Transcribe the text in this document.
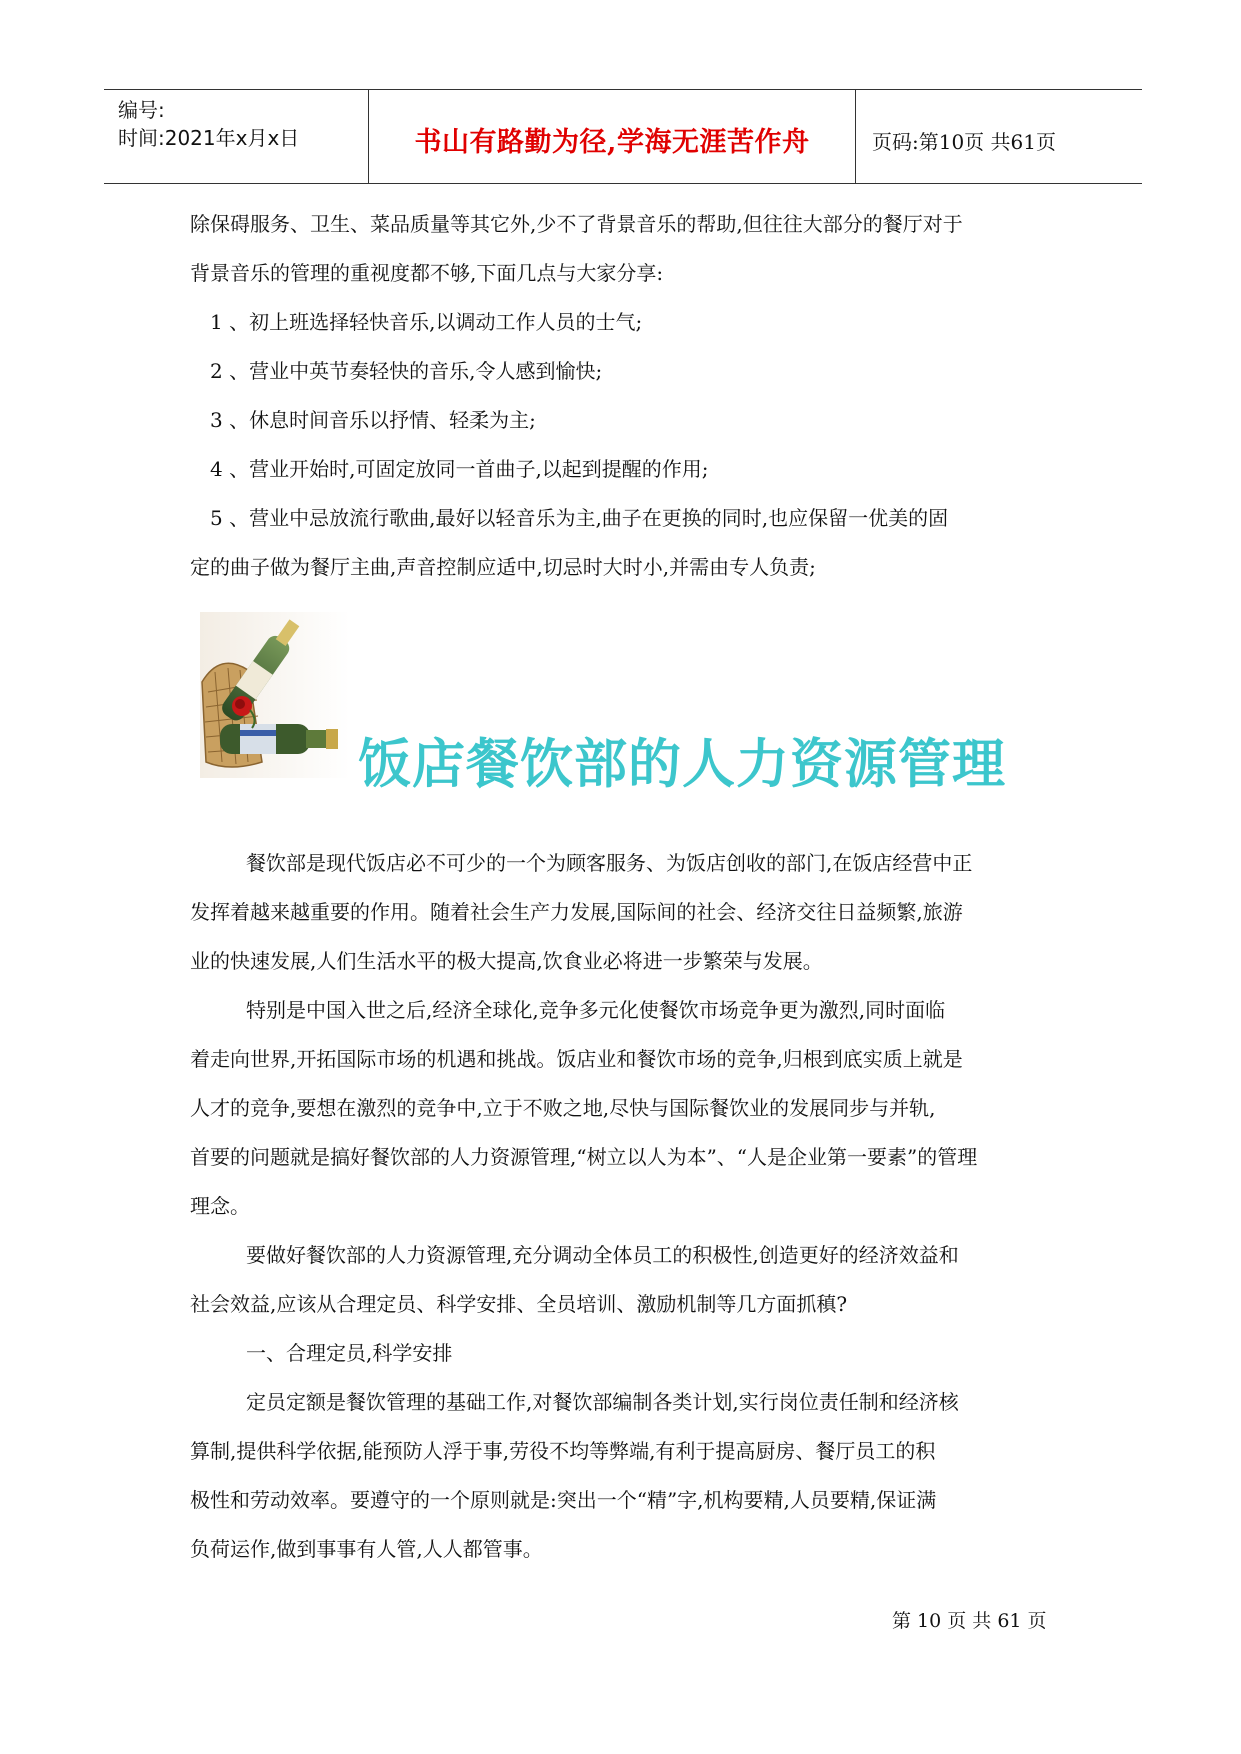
编号:
时间:2021年x月x日	书山有路勤为径,学海无涯苦作舟	页码:第10页 共61页

除保碍服务、卫生、菜品质量等其它外,少不了背景音乐的帮助,但往往大部分的餐厅对于

背景音乐的管理的重视度都不够,下面几点与大家分享:

1 、初上班选择轻快音乐,以调动工作人员的士气;

2 、营业中英节奏轻快的音乐,令人感到愉快;

3 、休息时间音乐以抒情、轻柔为主;

4 、营业开始时,可固定放同一首曲子,以起到提醒的作用;

5 、营业中忌放流行歌曲,最好以轻音乐为主,曲子在更换的同时,也应保留一优美的固

定的曲子做为餐厅主曲,声音控制应适中,切忌时大时小,并需由专人负责;

饭店餐饮部的人力资源管理

餐饮部是现代饭店必不可少的一个为顾客服务、为饭店创收的部门,在饭店经营中正

发挥着越来越重要的作用。随着社会生产力发展,国际间的社会、经济交往日益频繁,旅游

业的快速发展,人们生活水平的极大提高,饮食业必将进一步繁荣与发展。

特别是中国入世之后,经济全球化,竞争多元化使餐饮市场竞争更为激烈,同时面临

着走向世界,开拓国际市场的机遇和挑战。饭店业和餐饮市场的竞争,归根到底实质上就是

人才的竞争,要想在激烈的竞争中,立于不败之地,尽快与国际餐饮业的发展同步与并轨,

首要的问题就是搞好餐饮部的人力资源管理,“树立以人为本”、“人是企业第一要素”的管理

理念。

要做好餐饮部的人力资源管理,充分调动全体员工的积极性,创造更好的经济效益和

社会效益,应该从合理定员、科学安排、全员培训、激励机制等几方面抓稹?

一、合理定员,科学安排

定员定额是餐饮管理的基础工作,对餐饮部编制各类计划,实行岗位责任制和经济核

算制,提供科学依据,能预防人浮于事,劳役不均等弊端,有利于提高厨房、餐厅员工的积

极性和劳动效率。要遵守的一个原则就是:突出一个“精”字,机构要精,人员要精,保证满

负荷运作,做到事事有人管,人人都管事。

第 10 页 共 61 页
